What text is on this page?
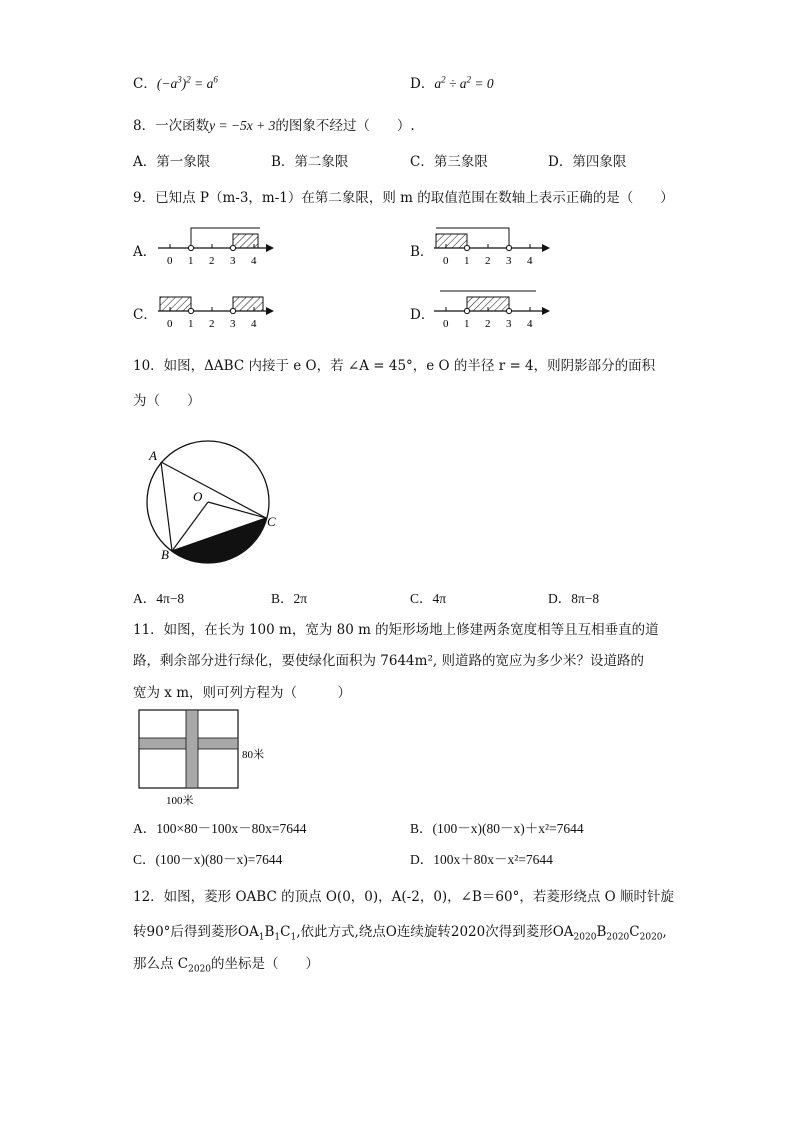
C．$(-a^3)^2 = a^6$	D．$a^2 \div a^2 = 0$
8．一次函数y = −5x + 3的图象不经过（　　）.
A．第一象限	B．第二象限	C．第三象限	D．第四象限
9．已知点 P（m-3，m-1）在第二象限，则 m 的取值范围在数轴上表示正确的是（　　）
A．
0 1 2 3 4
B．
0 1 2 3 4
C．
0 1 2 3 4
D．
0 1 2 3 4
10．如图，ΔABC 内接于 e O，若 ∠A = 45°，e O 的半径 r = 4，则阴影部分的面积
为（　　）
A
O
B
C
A．4π−8	B．2π	C．4π	D．8π−8
11．如图，在长为 100 m，宽为 80 m 的矩形场地上修建两条宽度相等且互相垂直的道
路，剩余部分进行绿化，要使绿化面积为 7644m², 则道路的宽应为多少米？设道路的
宽为 x m，则可列方程为（　　　）
80米
100米
A．100×80－100x－80x=7644	B．(100－x)(80－x)＋x²=7644
C．(100－x)(80－x)=7644	D．100x＋80x－x²=7644
12．如图，菱形 OABC 的顶点 O(0，0)，A(-2，0)，∠B＝60°，若菱形绕点 O 顺时针旋
转90°后得到菱形$OA_1B_1C_1$,依此方式,绕点O连续旋转2020次得到菱形$OA_{2020}B_{2020}C_{2020}$,
那么点 $C_{2020}$的坐标是（　　）
